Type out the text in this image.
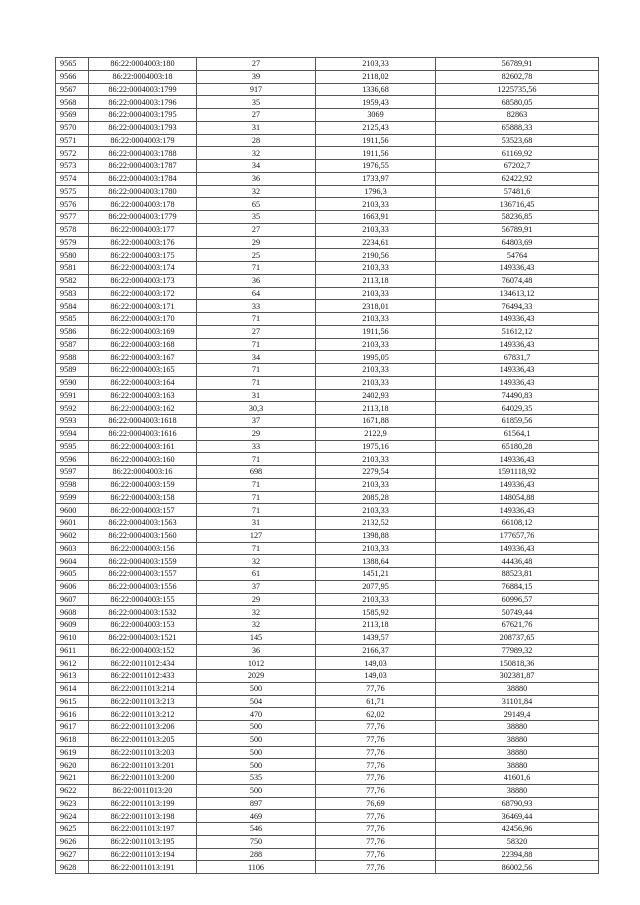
9565	86:22:0004003:180	27	2103,33	56789,91
9566	86:22:0004003:18	39	2118,02	82602,78
9567	86:22:0004003:1799	917	1336,68	1225735,56
9568	86:22:0004003:1796	35	1959,43	68580,05
9569	86:22:0004003:1795	27	3069	82863
9570	86:22:0004003:1793	31	2125,43	65888,33
9571	86:22:0004003:179	28	1911,56	53523,68
9572	86:22:0004003:1788	32	1911,56	61169,92
9573	86:22:0004003:1787	34	1976,55	67202,7
9574	86:22:0004003:1784	36	1733,97	62422,92
9575	86:22:0004003:1780	32	1796,3	57481,6
9576	86:22:0004003:178	65	2103,33	136716,45
9577	86:22:0004003:1779	35	1663,91	58236,85
9578	86:22:0004003:177	27	2103,33	56789,91
9579	86:22:0004003:176	29	2234,61	64803,69
9580	86:22:0004003:175	25	2190,56	54764
9581	86:22:0004003:174	71	2103,33	149336,43
9582	86:22:0004003:173	36	2113,18	76074,48
9583	86:22:0004003:172	64	2103,33	134613,12
9584	86:22:0004003:171	33	2318,01	76494,33
9585	86:22:0004003:170	71	2103,33	149336,43
9586	86:22:0004003:169	27	1911,56	51612,12
9587	86:22:0004003:168	71	2103,33	149336,43
9588	86:22:0004003:167	34	1995,05	67831,7
9589	86:22:0004003:165	71	2103,33	149336,43
9590	86:22:0004003:164	71	2103,33	149336,43
9591	86:22:0004003:163	31	2402,93	74490,83
9592	86:22:0004003:162	30,3	2113,18	64029,35
9593	86:22:0004003:1618	37	1671,88	61859,56
9594	86:22:0004003:1616	29	2122,9	61564,1
9595	86:22:0004003:161	33	1975,16	65180,28
9596	86:22:0004003:160	71	2103,33	149336,43
9597	86:22:0004003:16	698	2279,54	1591118,92
9598	86:22:0004003:159	71	2103,33	149336,43
9599	86:22:0004003:158	71	2085,28	148054,88
9600	86:22:0004003:157	71	2103,33	149336,43
9601	86:22:0004003:1563	31	2132,52	66108,12
9602	86:22:0004003:1560	127	1398,88	177657,76
9603	86:22:0004003:156	71	2103,33	149336,43
9604	86:22:0004003:1559	32	1388,64	44436,48
9605	86:22:0004003:1557	61	1451,21	88523,81
9606	86:22:0004003:1556	37	2077,95	76884,15
9607	86:22:0004003:155	29	2103,33	60996,57
9608	86:22:0004003:1532	32	1585,92	50749,44
9609	86:22:0004003:153	32	2113,18	67621,76
9610	86:22:0004003:1521	145	1439,57	208737,65
9611	86:22:0004003:152	36	2166,37	77989,32
9612	86:22:0011012:434	1012	149,03	150818,36
9613	86:22:0011012:433	2029	149,03	302381,87
9614	86:22:0011013:214	500	77,76	38880
9615	86:22:0011013:213	504	61,71	31101,84
9616	86:22:0011013:212	470	62,02	29149,4
9617	86:22:0011013:206	500	77,76	38880
9618	86:22:0011013:205	500	77,76	38880
9619	86:22:0011013:203	500	77,76	38880
9620	86:22:0011013:201	500	77,76	38880
9621	86:22:0011013:200	535	77,76	41601,6
9622	86:22:0011013:20	500	77,76	38880
9623	86:22:0011013:199	897	76,69	68790,93
9624	86:22:0011013:198	469	77,76	36469,44
9625	86:22:0011013:197	546	77,76	42456,96
9626	86:22:0011013:195	750	77,76	58320
9627	86:22:0011013:194	288	77,76	22394,88
9628	86:22:0011013:191	1106	77,76	86002,56
